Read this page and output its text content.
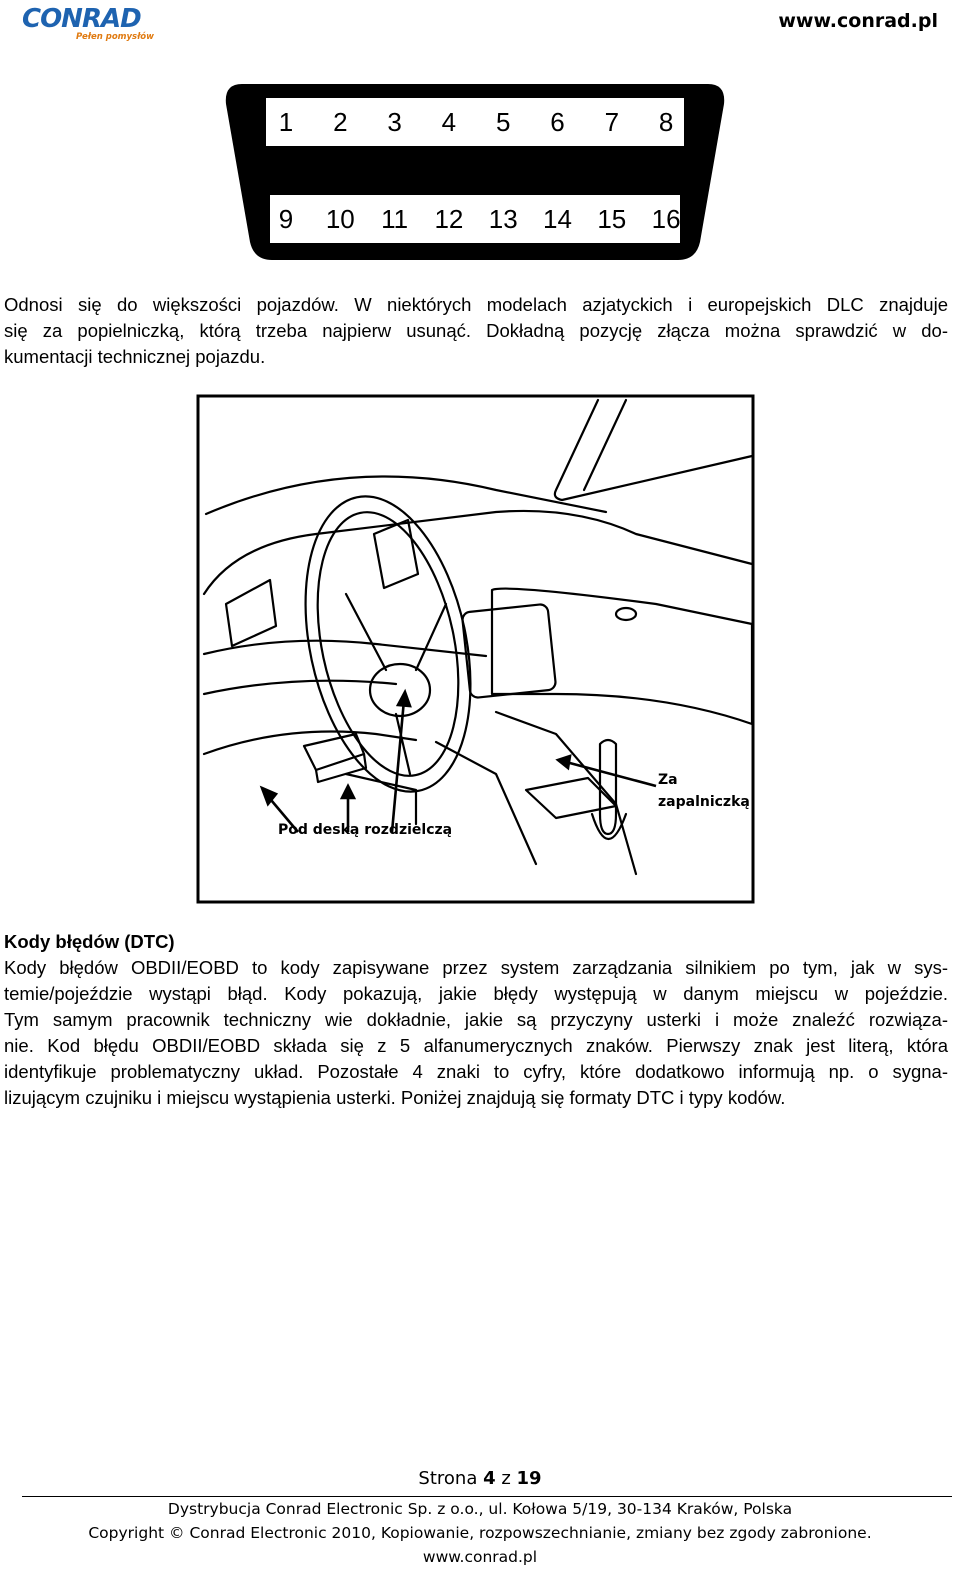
CONRAD
Pełen pomysłów
www.conrad.pl
1 2 3 4 5 6 7 8
9 10 11 12 13 14 15 16
Odnosi się do większości pojazdów. W niektórych modelach azjatyckich i europejskich DLC znajduje
się za popielniczką, którą trzeba najpierw usunąć. Dokładną pozycję złącza można sprawdzić w do-
kumentacji technicznej pojazdu.
Pod deską rozdzielczą
Za
zapalniczką
Kody błędów (DTC)
Kody błędów OBDII/EOBD to kody zapisywane przez system zarządzania silnikiem po tym, jak w sys-
temie/pojeździe wystąpi błąd. Kody pokazują, jakie błędy występują w danym miejscu w pojeździe.
Tym samym pracownik techniczny wie dokładnie, jakie są przyczyny usterki i może znaleźć rozwiąza-
nie. Kod błędu OBDII/EOBD składa się z 5 alfanumerycznych znaków. Pierwszy znak jest literą, która
identyfikuje problematyczny układ. Pozostałe 4 znaki to cyfry, które dodatkowo informują np. o sygna-
lizującym czujniku i miejscu wystąpienia usterki. Poniżej znajdują się formaty DTC i typy kodów.
Strona 4 z 19
Dystrybucja Conrad Electronic Sp. z o.o., ul. Kołowa 5/19, 30-134 Kraków, Polska
Copyright © Conrad Electronic 2010, Kopiowanie, rozpowszechnianie, zmiany bez zgody zabronione.
www.conrad.pl
